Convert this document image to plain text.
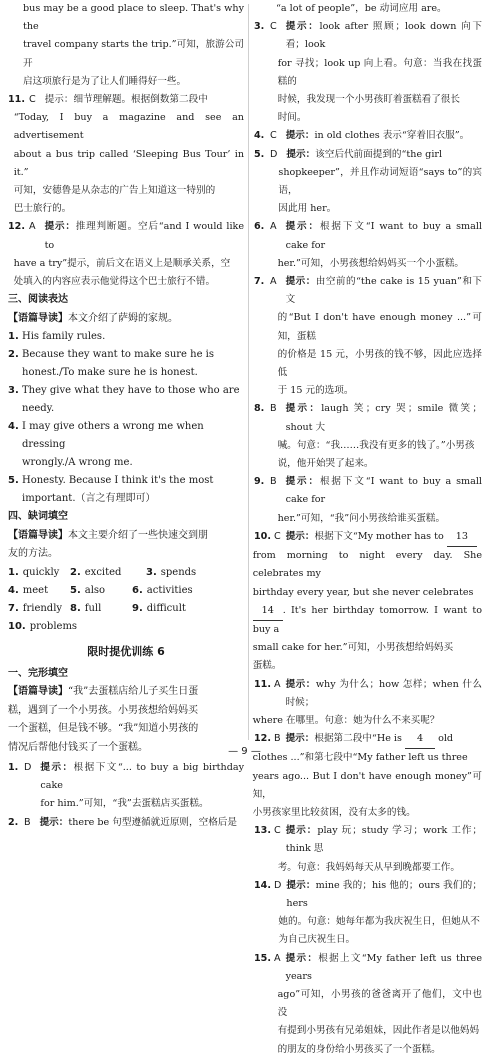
bus may be a good place to sleep. That's why the
travel company starts the trip.”可知，旅游公司开
启这项旅行是为了让人们睡得好一些。
11. C 提示：细节理解题。根据倒数第二段中
“Today, I buy a magazine and see an advertisement
about a bus trip called ‘Sleeping Bus Tour’ in it.”
可知，安德鲁是从杂志的广告上知道这一特别的
巴士旅行的。
12. A 提示：推理判断题。空后“and I would like to
have a try”提示，前后文在语义上是顺承关系，空
处填入的内容应表示他觉得这个巴士旅行不错。
三、阅读表达
【语篇导读】本文介绍了萨姆的家规。
1. His family rules.
2. Because they want to make sure he is
honest./To make sure he is honest.
3. They give what they have to those who are
needy.
4. I may give others a wrong me when dressing
wrongly./A wrong me.
5. Honesty. Because I think it's the most
important.（言之有理即可）
四、缺词填空
【语篇导读】本文主要介绍了一些快速交到朋
友的方法。
1. quickly	2. excited	3. spends
4. meet	5. also	6. activities
7. friendly 8. full	9. difficult
10. problems
限时提优训练 6
一、完形填空
【语篇导读】“我”去蛋糕店给儿子买生日蛋
糕，遇到了一个小男孩。小男孩想给妈妈买
一个蛋糕，但是钱不够。“我”知道小男孩的
情况后帮他付钱买了一个蛋糕。
1. D 提示：根据下文“... to buy a big birthday cake
for him.”可知，“我”去蛋糕店买蛋糕。
2. B 提示：there be 句型遵循就近原则，空格后是
“a lot of people”，be 动词应用 are。
3. C 提示：look after 照顾；look down 向下看；look
for 寻找；look up 向上看。句意：当我在找蛋糕的
时候，我发现一个小男孩盯着蛋糕看了很长
时间。
4. C 提示：in old clothes 表示“穿着旧衣服”。
5. D 提示：该空后代前面提到的“the girl
shopkeeper”，并且作动词短语“says to”的宾语，
因此用 her。
6. A 提示：根据下文“I want to buy a small cake for
her.”可知，小男孩想给妈妈买一个小蛋糕。
7. A 提示：由空前的“the cake is 15 yuan”和下文
的“But I don't have enough money ...”可知，蛋糕
的价格是 15 元，小男孩的钱不够，因此应选择低
于 15 元的选项。
8. B 提示：laugh 笑；cry 哭；smile 微笑；shout 大
喊。句意：“我……我没有更多的钱了。”小男孩
说，他开始哭了起来。
9. B 提示：根据下文“I want to buy a small cake for
her.”可知，“我”问小男孩给谁买蛋糕。
10. C 提示：根据下文“My mother has to 13
from morning to night every day. She celebrates my
birthday every year, but she never celebrates
14 . It's her birthday tomorrow. I want to buy a
small cake for her.”可知，小男孩想给妈妈买
蛋糕。
11. A 提示：why 为什么；how 怎样；when 什么时候；
where 在哪里。句意：她为什么不来买呢？
12. B 提示：根据第二段中“He is 4 old
clothes ...”和第七段中“My father left us three
years ago... But I don't have enough money”可知，
小男孩家里比较贫困，没有太多的钱。
13. C 提示：play 玩；study 学习；work 工作；think 思
考。句意：我妈妈每天从早到晚都要工作。
14. D 提示：mine 我的；his 他的；ours 我们的；hers
她的。句意：她每年都为我庆祝生日，但她从不
为自己庆祝生日。
15. A 提示：根据上文“My father left us three years
ago”可知，小男孩的爸爸离开了他们，文中也没
有提到小男孩有兄弟姐妹，因此作者是以他妈妈
的朋友的身份给小男孩买了一个蛋糕。
— 9 —
